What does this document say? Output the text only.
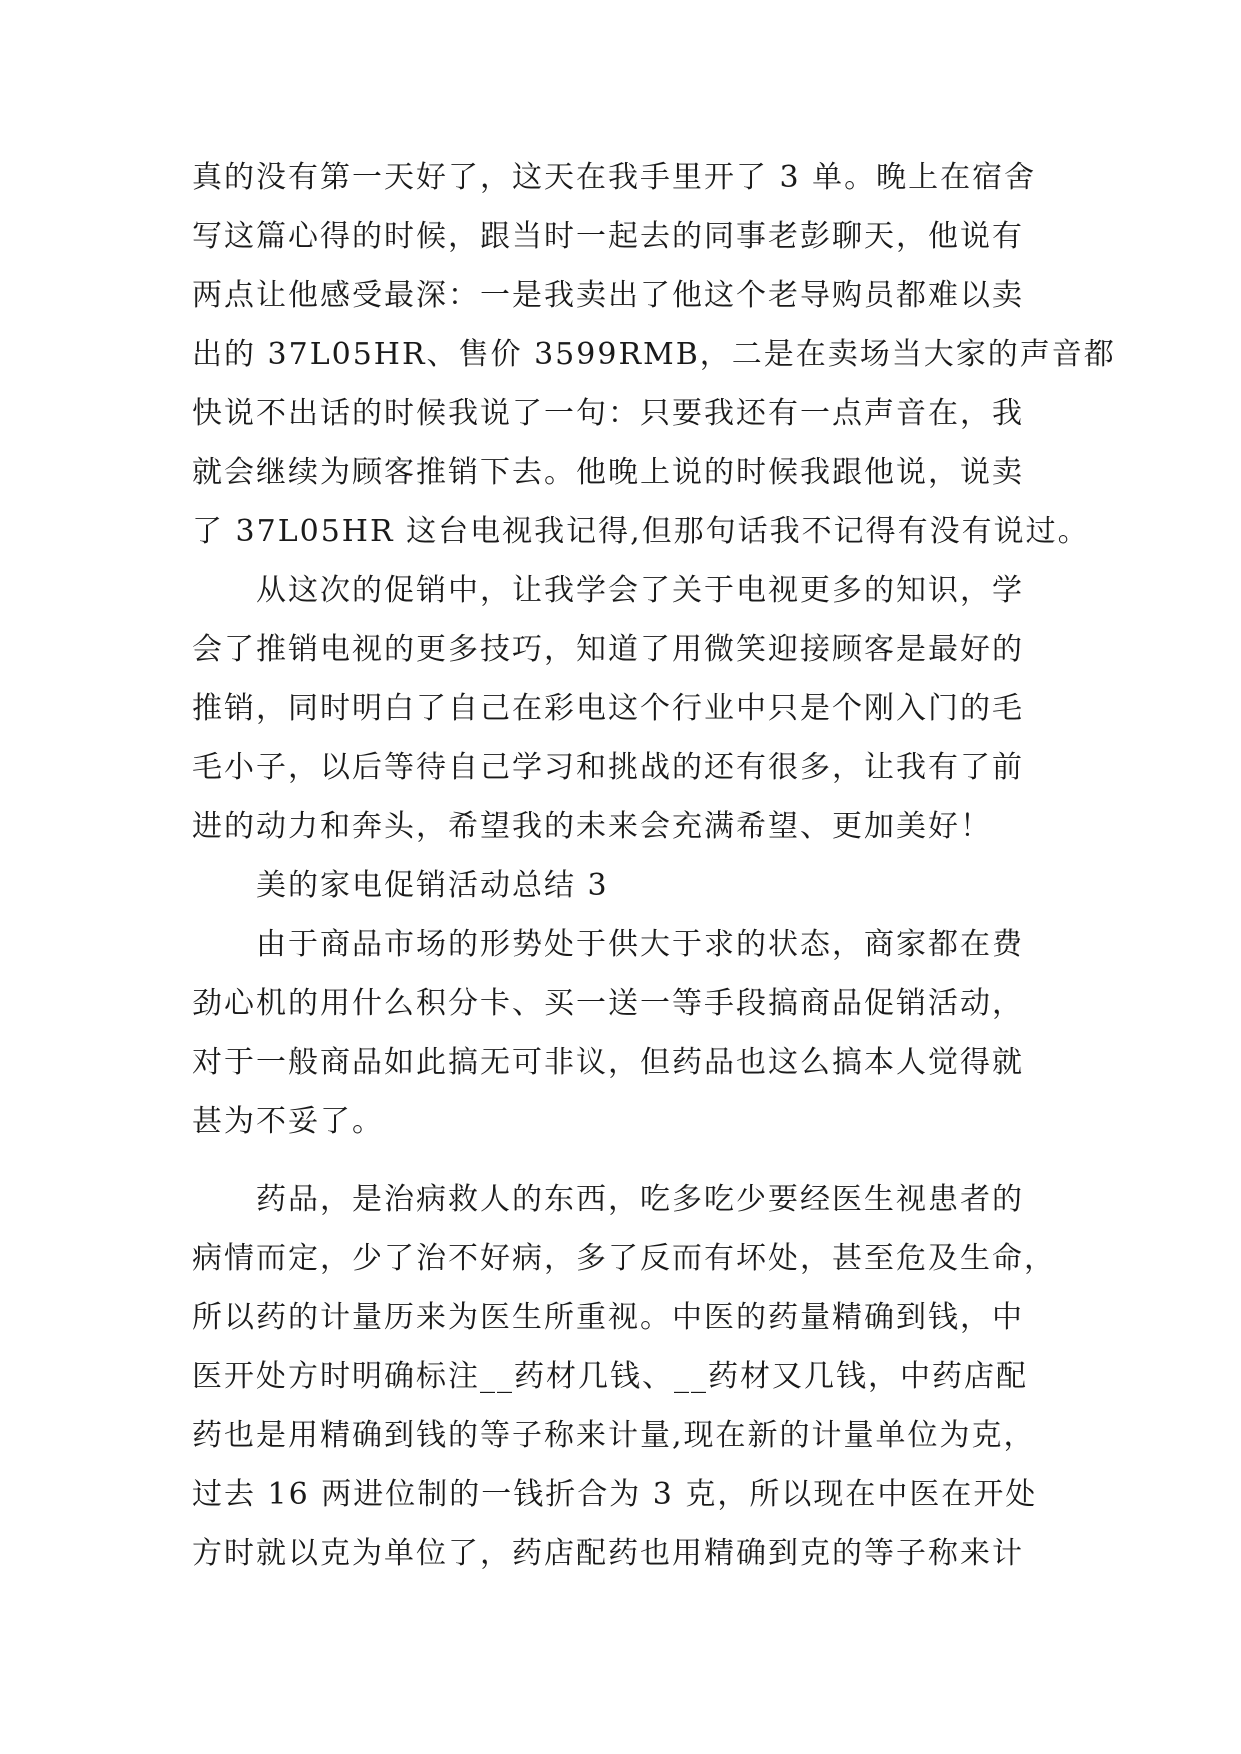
真的没有第一天好了，这天在我手里开了 3 单。晚上在宿舍
写这篇心得的时候，跟当时一起去的同事老彭聊天，他说有
两点让他感受最深：一是我卖出了他这个老导购员都难以卖
出的 37L05HR、售价 3599RMB，二是在卖场当大家的声音都
快说不出话的时候我说了一句：只要我还有一点声音在，我
就会继续为顾客推销下去。他晚上说的时候我跟他说，说卖
了 37L05HR 这台电视我记得,但那句话我不记得有没有说过。
　　从这次的促销中，让我学会了关于电视更多的知识，学
会了推销电视的更多技巧，知道了用微笑迎接顾客是最好的
推销，同时明白了自己在彩电这个行业中只是个刚入门的毛
毛小子，以后等待自己学习和挑战的还有很多，让我有了前
进的动力和奔头，希望我的未来会充满希望、更加美好！
　　美的家电促销活动总结 3
　　由于商品市场的形势处于供大于求的状态，商家都在费
劲心机的用什么积分卡、买一送一等手段搞商品促销活动，
对于一般商品如此搞无可非议，但药品也这么搞本人觉得就
甚为不妥了。
　　药品，是治病救人的东西，吃多吃少要经医生视患者的
病情而定，少了治不好病，多了反而有坏处，甚至危及生命，
所以药的计量历来为医生所重视。中医的药量精确到钱，中
医开处方时明确标注__药材几钱、__药材又几钱，中药店配
药也是用精确到钱的等子称来计量,现在新的计量单位为克，
过去 16 两进位制的一钱折合为 3 克，所以现在中医在开处
方时就以克为单位了，药店配药也用精确到克的等子称来计
